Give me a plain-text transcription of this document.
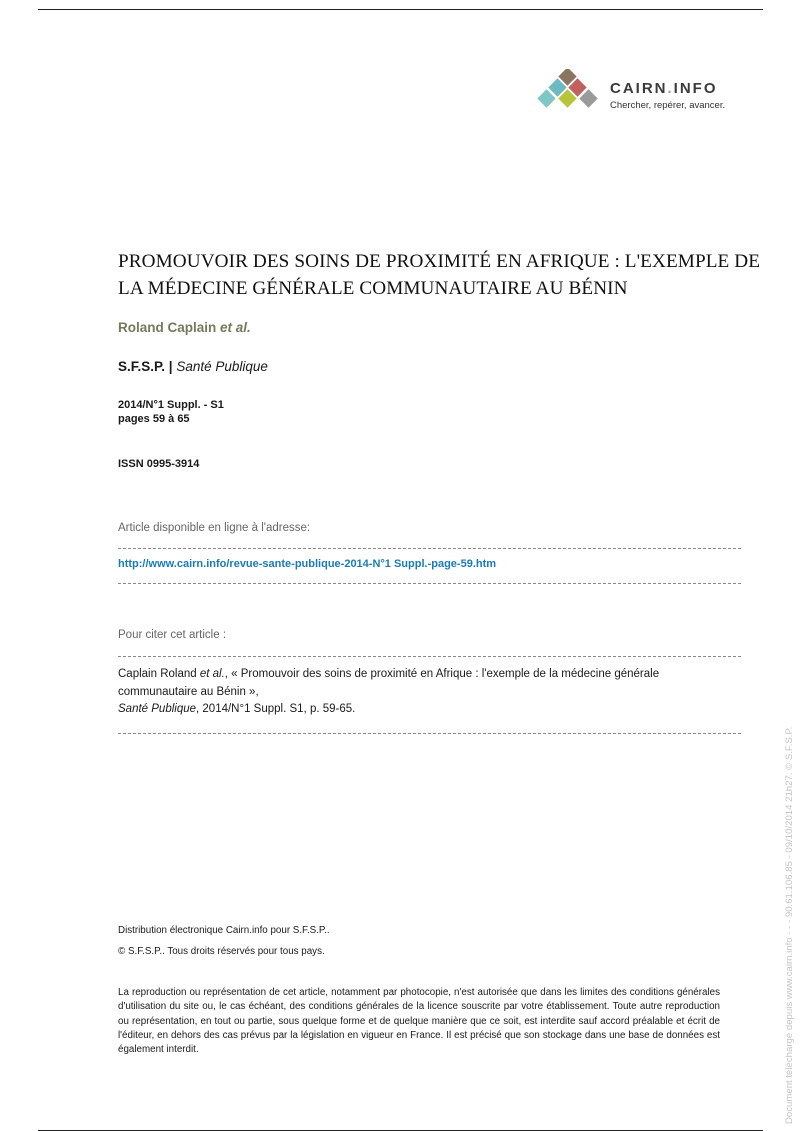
CAIRN.INFO
Chercher, repérer, avancer.
PROMOUVOIR DES SOINS DE PROXIMITÉ EN AFRIQUE : L'EXEMPLE DE LA MÉDECINE GÉNÉRALE COMMUNAUTAIRE AU BÉNIN
Roland Caplain et al.
S.F.S.P. | Santé Publique
2014/N°1 Suppl. - S1
pages 59 à 65
ISSN 0995-3914
Article disponible en ligne à l'adresse:
http://www.cairn.info/revue-sante-publique-2014-N°1 Suppl.-page-59.htm
Pour citer cet article :
Caplain Roland et al., « Promouvoir des soins de proximité en Afrique : l'exemple de la médecine générale
communautaire au Bénin »,
Santé Publique, 2014/N°1 Suppl. S1, p. 59-65.
Distribution électronique Cairn.info pour S.F.S.P..
© S.F.S.P.. Tous droits réservés pour tous pays.

La reproduction ou représentation de cet article, notamment par photocopie, n'est autorisée que dans les limites des conditions générales d'utilisation du site ou, le cas échéant, des conditions générales de la licence souscrite par votre établissement. Toute autre reproduction ou représentation, en tout ou partie, sous quelque forme et de quelque manière que ce soit, est interdite sauf accord préalable et écrit de l'éditeur, en dehors des cas prévus par la législation en vigueur en France. Il est précisé que son stockage dans une base de données est également interdit.	Document téléchargé depuis www.cairn.info - - - 90.61.106.85 - 09/10/2014 21h27. © S.F.S.P.
